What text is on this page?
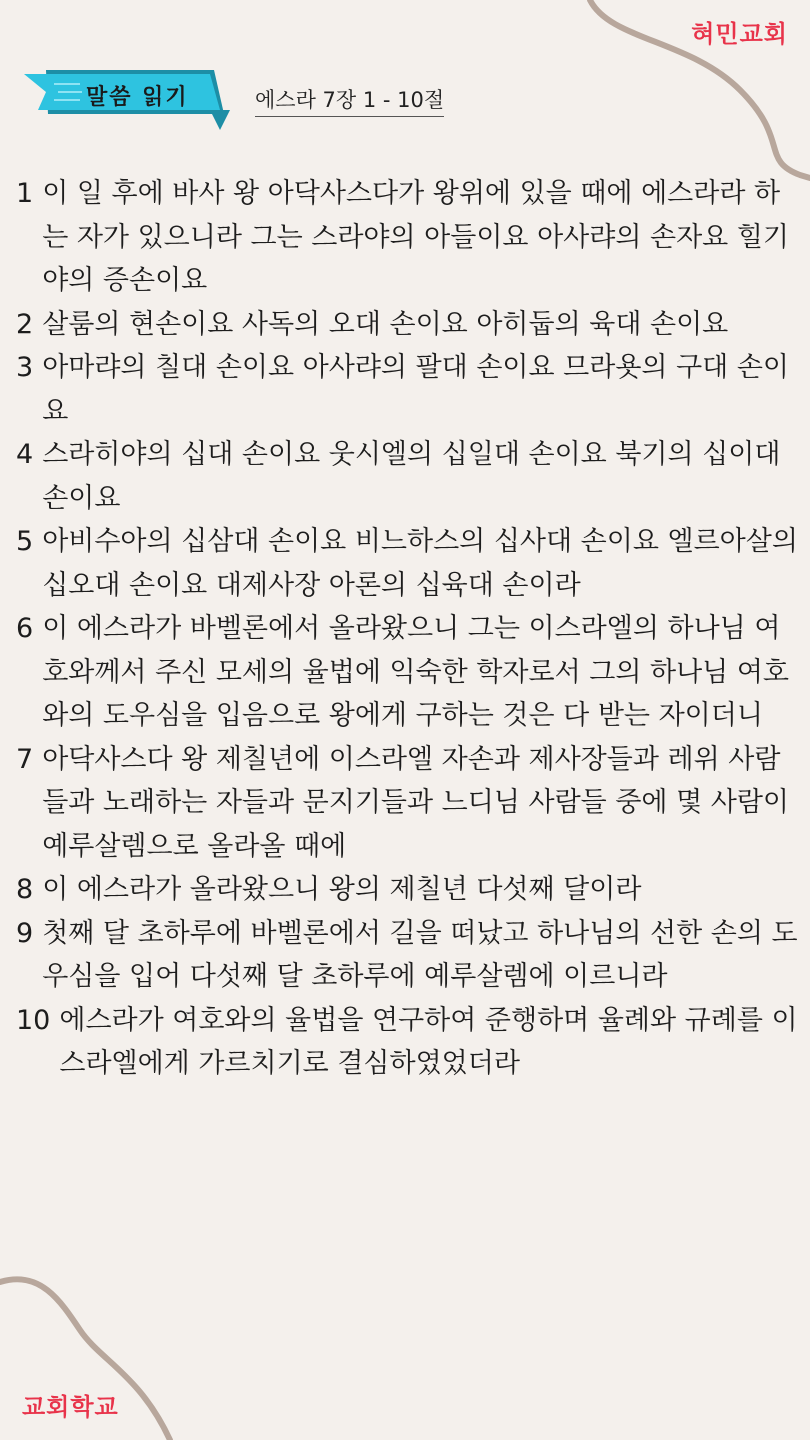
혀민교회
말씀 읽기	에스라 7장 1 - 10절
1 이 일 후에 바사 왕 아닥사스다가 왕위에 있을 때에 에스라라 하는 자가 있으니라 그는 스라야의 아들이요 아사랴의 손자요 힐기야의 증손이요
2 살룸의 현손이요 사독의 오대 손이요 아히둡의 육대 손이요
3 아마랴의 칠대 손이요 아사랴의 팔대 손이요 므라욧의 구대 손이요
4 스라히야의 십대 손이요 웃시엘의 십일대 손이요 북기의 십이대 손이요
5 아비수아의 십삼대 손이요 비느하스의 십사대 손이요 엘르아살의 십오대 손이요 대제사장 아론의 십육대 손이라
6 이 에스라가 바벨론에서 올라왔으니 그는 이스라엘의 하나님 여호와께서 주신 모세의 율법에 익숙한 학자로서 그의 하나님 여호와의 도우심을 입음으로 왕에게 구하는 것은 다 받는 자이더니
7 아닥사스다 왕 제칠년에 이스라엘 자손과 제사장들과 레위 사람들과 노래하는 자들과 문지기들과 느디님 사람들 중에 몇 사람이 예루살렘으로 올라올 때에
8 이 에스라가 올라왔으니 왕의 제칠년 다섯째 달이라
9 첫째 달 초하루에 바벨론에서 길을 떠났고 하나님의 선한 손의 도우심을 입어 다섯째 달 초하루에 예루살렘에 이르니라
10 에스라가 여호와의 율법을 연구하여 준행하며 율례와 규례를 이스라엘에게 가르치기로 결심하였었더라
교회학교
